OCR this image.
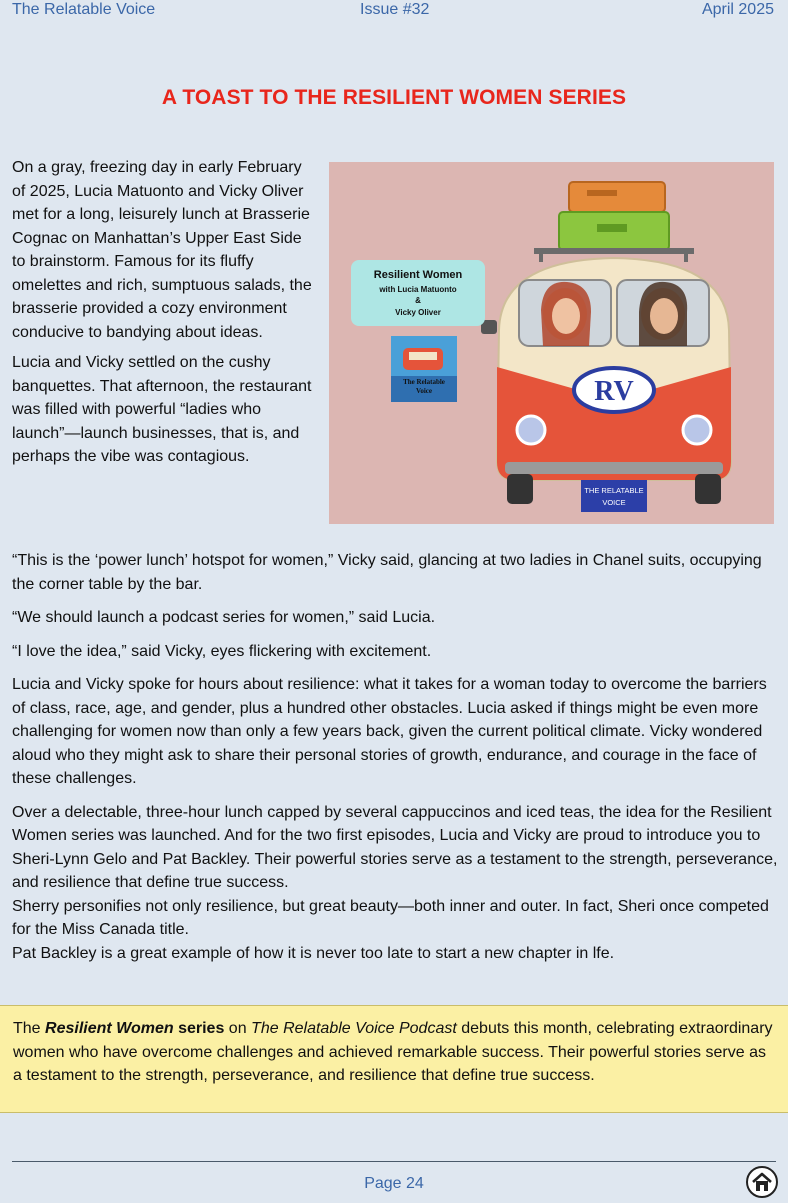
The Relatable Voice	Issue #32	April 2025
A TOAST TO THE RESILIENT WOMEN SERIES

On a gray, freezing day in early February of 2025, Lucia Matuonto and Vicky Oliver met for a long, leisurely lunch at Brasserie Cognac on Manhattan’s Upper East Side to brainstorm. Famous for its fluffy omelettes and rich, sumptuous salads, the brasserie provided a cozy environment conducive to bandying about ideas.

Lucia and Vicky settled on the cushy banquettes. That afternoon, the restaurant was filled with powerful “ladies who launch”—launch businesses, that is, and perhaps the vibe was contagious.

RV
THE RELATABLE
VOICE
Resilient Women
with Lucia Matuonto
&
Vicky Oliver
The Relatable
Voice

“This is the ‘power lunch’ hotspot for women,” Vicky said, glancing at two ladies in Chanel suits, occupying the corner table by the bar.

“We should launch a podcast series for women,” said Lucia.

“I love the idea,” said Vicky, eyes flickering with excitement.

Lucia and Vicky spoke for hours about resilience: what it takes for a woman today to overcome the barriers of class, race, age, and gender, plus a hundred other obstacles. Lucia asked if things might be even more challenging for women now than only a few years back, given the current political climate. Vicky wondered aloud who they might ask to share their personal stories of growth, endurance, and courage in the face of these challenges.

Over a delectable, three-hour lunch capped by several cappuccinos and iced teas, the idea for the Resilient Women series was launched. And for the two first episodes, Lucia and Vicky are proud to introduce you to Sheri-Lynn Gelo and Pat Backley. Their powerful stories serve as a testament to the strength, perseverance, and resilience that define true success.

Sherry personifies not only resilience, but great beauty—both inner and outer. In fact, Sheri once competed for the Miss Canada title.

Pat Backley is a great example of how it is never too late to start a new chapter in lfe.

The Resilient Women series on The Relatable Voice Podcast debuts this month, celebrating extraordinary women who have overcome challenges and achieved remarkable success. Their powerful stories serve as a testament to the strength, perseverance, and resilience that define true success.
Page 24
